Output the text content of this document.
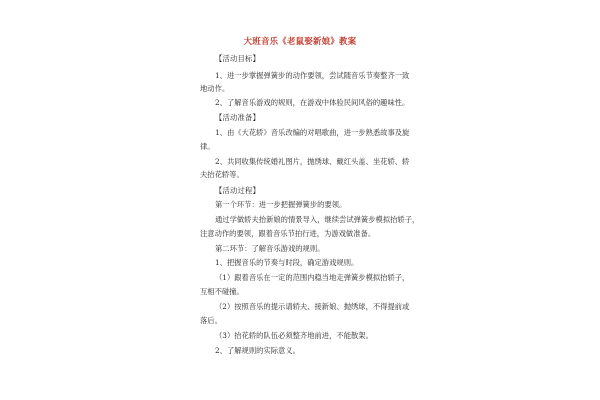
大班音乐《老鼠娶新娘》教案
【活动目标】
1、进一步掌握弹簧步的动作要领，尝试随音乐节奏整齐一致
地动作。
2、了解音乐游戏的规则，在游戏中体验民间风俗的趣味性。
【活动准备】
1、由《大花轿》音乐改编的对唱歌曲，进一步熟悉故事及旋
律。
2、共同收集传统婚礼图片，抛绣球、戴红头盖、坐花轿、轿
夫抬花轿等。
【活动过程】
第一个环节：进一步把握弹簧步的要领。
通过学做轿夫抬新娘的情景导入，继续尝试弹簧步模拟抬轿子，
注意动作的要领，跟着音乐节拍行进，为游戏做准备。
第二环节：了解音乐游戏的规则。
1、把握音乐的节奏与时段，确定游戏规则。
（1）跟着音乐在一定的范围内稳当地走弹簧步模拟抬轿子，
互相不碰撞。
（2）按照音乐的提示请轿夫、接新娘、抛绣球，不得提前或
落后。
（3）抬花轿的队伍必须整齐地前进，不能散架。
2、了解规则的实际意义。
